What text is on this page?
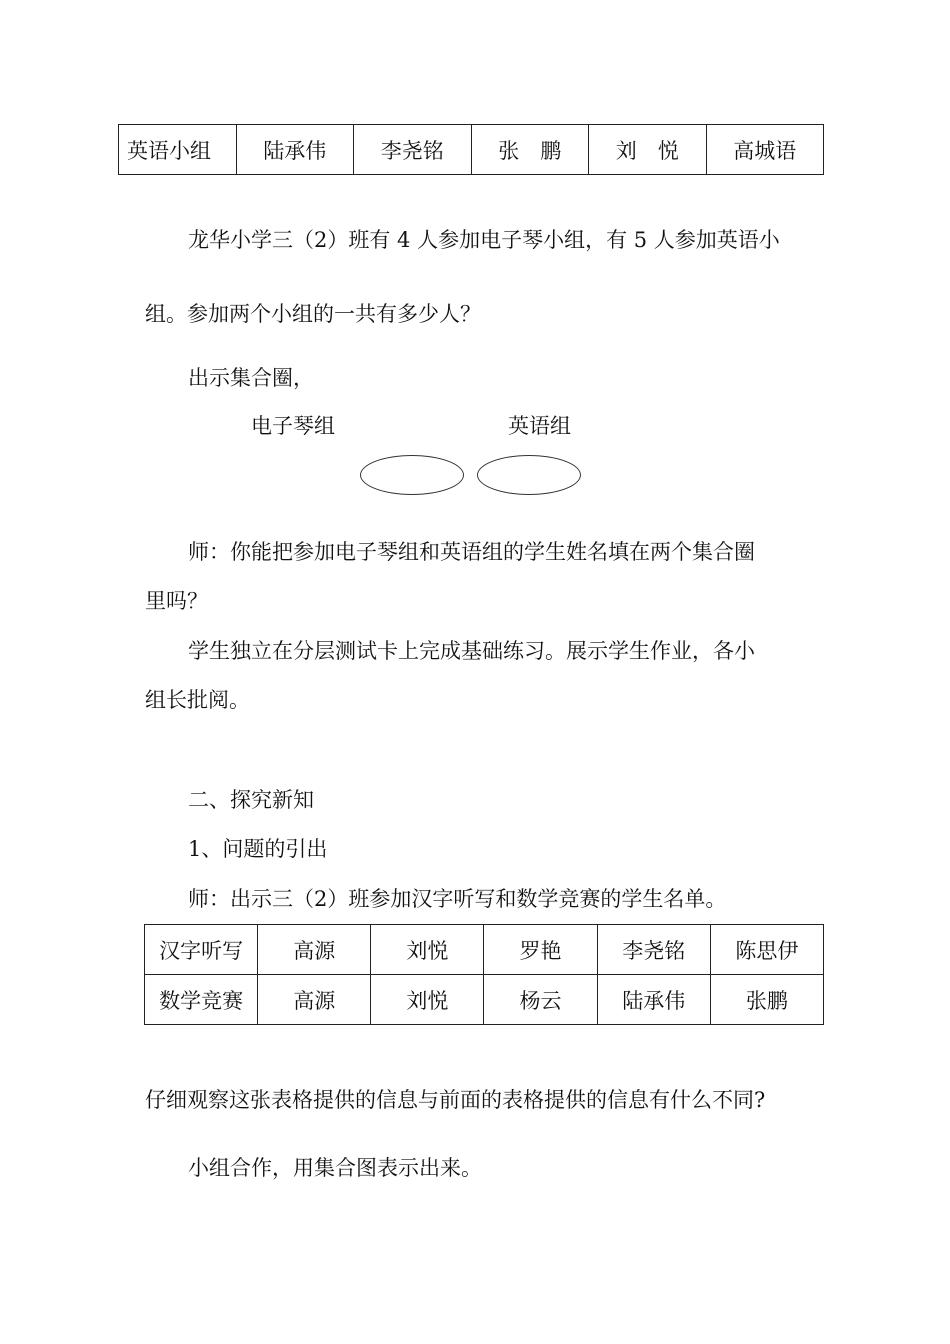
英语小组	陆承伟	李尧铭	张　鹏	刘　悦	高城语
龙华小学三（2）班有 4 人参加电子琴小组，有 5 人参加英语小
组。参加两个小组的一共有多少人？
出示集合圈，
电子琴组	英语组
师：你能把参加电子琴组和英语组的学生姓名填在两个集合圈
里吗？
学生独立在分层测试卡上完成基础练习。展示学生作业，各小
组长批阅。
二、探究新知
1、问题的引出
师：出示三（2）班参加汉字听写和数学竞赛的学生名单。
汉字听写	高源	刘悦	罗艳	李尧铭	陈思伊
数学竞赛	高源	刘悦	杨云	陆承伟	张鹏
仔细观察这张表格提供的信息与前面的表格提供的信息有什么不同?
小组合作，用集合图表示出来。
